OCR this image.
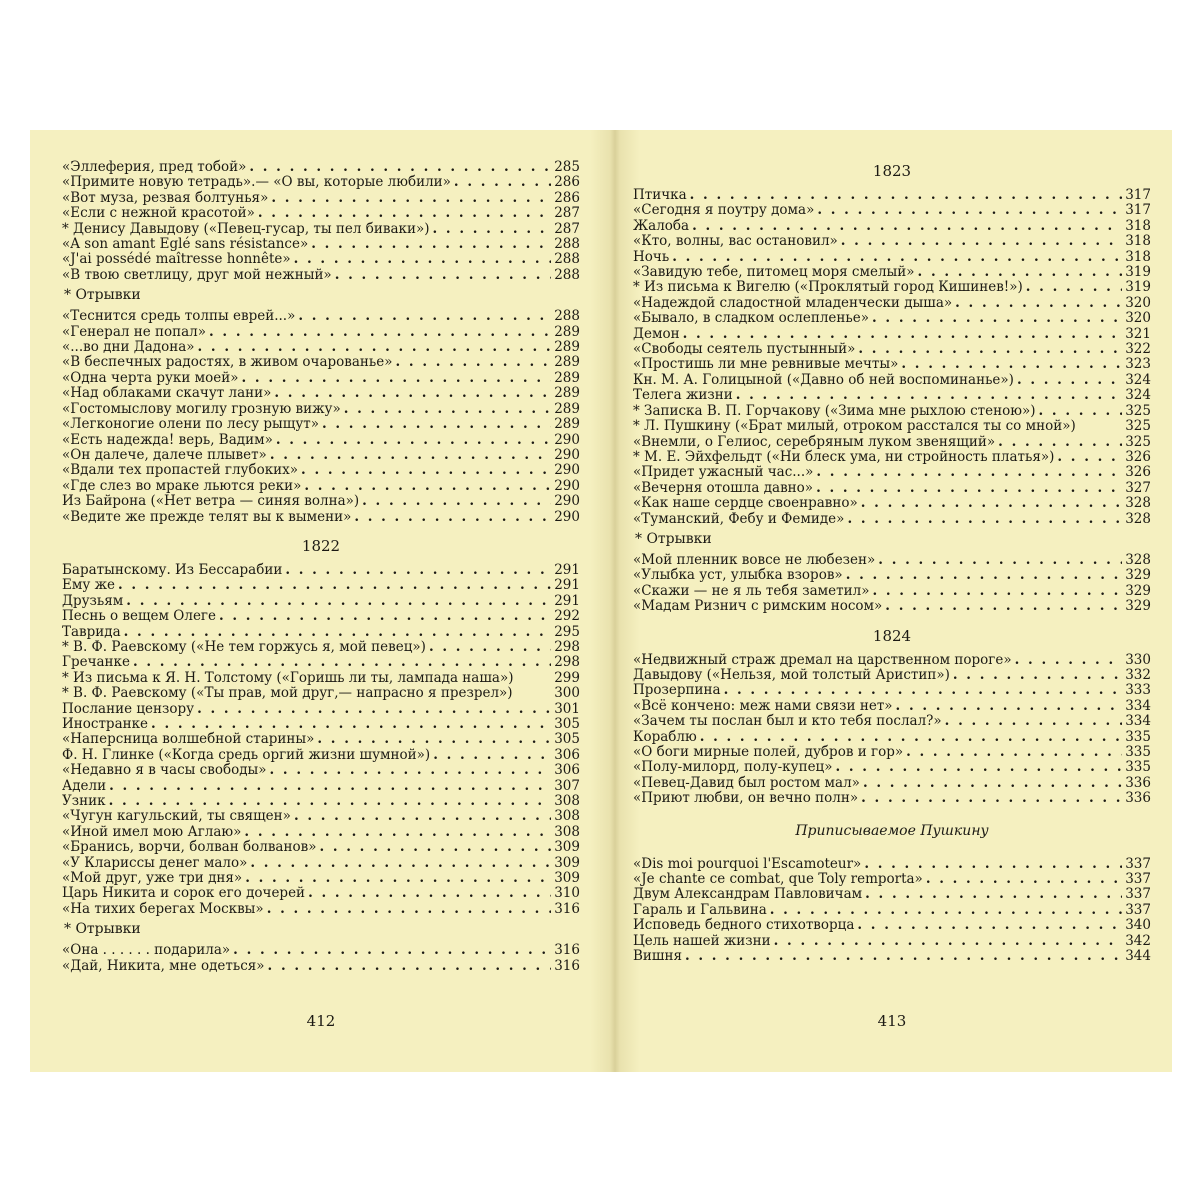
«Эллеферия, пред тобой» . . .	285
«Примите новую тетрадь».— «О вы, которые любили» . . .	286
«Вот муза, резвая болтунья» . . .	286
«Если с нежной красотой» . . .	287
* Денису Давыдову («Певец-гусар, ты пел биваки») . . .	287
«A son amant Eglé sans résistance» . . .	288
«J'ai possédé maîtresse honnête» . . .	288
«В твою светлицу, друг мой нежный» . . .	288
* Отрывки
«Теснится средь толпы еврей...» . . .	288
«Генерал не попал» . . .	289
«...во дни Дадона» . . .	289
«В беспечных радостях, в живом очарованье» . . .	289
«Одна черта руки моей» . . .	289
«Над облаками скачут лани» . . .	289
«Гостомыслову могилу грозную вижу» . . .	289
«Легконогие олени по лесу рыщут» . . .	289
«Есть надежда! верь, Вадим» . . .	290
«Он далече, далече плывет» . . .	290
«Вдали тех пропастей глубоких» . . .	290
«Где слез во мраке льются реки» . . .	290
Из Байрона («Нет ветра — синяя волна») . . .	290
«Ведите же прежде телят вы к вымени» . . .	290
1822
Баратынскому. Из Бессарабии . . .	291
Ему же . . .	291
Друзьям . . .	291
Песнь о вещем Олеге . . .	292
Таврида . . .	295
* В. Ф. Раевскому («Не тем горжусь я, мой певец») . . .	298
Гречанке . . .	298
* Из письма к Я. Н. Толстому («Горишь ли ты, лампада наша»)	299
* В. Ф. Раевскому («Ты прав, мой друг,— напрасно я презрел»)	300
Послание цензору . . .	301
Иностранке . . .	305
«Наперсница волшебной старины» . . .	305
Ф. Н. Глинке («Когда средь оргий жизни шумной») . . .	306
«Недавно я в часы свободы» . . .	306
Адели . . .	307
Узник . . .	308
«Чугун кагульский, ты священ» . . .	308
«Иной имел мою Аглаю» . . .	308
«Бранись, ворчи, болван болванов» . . .	309
«У Клариссы денег мало» . . .	309
«Мой друг, уже три дня» . . .	309
Царь Никита и сорок его дочерей . . .	310
«На тихих берегах Москвы» . . .	316
* Отрывки
«Она . . . . . . подарила» . . .	316
«Дай, Никита, мне одеться» . . .	316
412
1823
Птичка . . .	317
«Сегодня я поутру дома» . . .	317
Жалоба . . .	318
«Кто, волны, вас остановил» . . .	318
Ночь . . .	318
«Завидую тебе, питомец моря смелый» . . .	319
* Из письма к Вигелю («Проклятый город Кишинев!») . . .	319
«Надеждой сладостной младенчески дыша» . . .	320
«Бывало, в сладком ослепленье» . . .	320
Демон . . .	321
«Свободы сеятель пустынный» . . .	322
«Простишь ли мне ревнивые мечты» . . .	323
Кн. М. А. Голицыной («Давно об ней воспоминанье») . . .	324
Телега жизни . . .	324
* Записка В. П. Горчакову («Зима мне рыхлою стеною») . . .	325
* Л. Пушкину («Брат милый, отроком расстался ты со мной»)	325
«Внемли, о Гелиос, серебряным луком звенящий» . . .	325
* М. Е. Эйхфельдт («Ни блеск ума, ни стройность платья») . . .	326
«Придет ужасный час...» . . .	326
«Вечерня отошла давно» . . .	327
«Как наше сердце своенравно» . . .	328
«Туманский, Фебу и Фемиде» . . .	328
* Отрывки
«Мой пленник вовсе не любезен» . . .	328
«Улыбка уст, улыбка взоров» . . .	329
«Скажи — не я ль тебя заметил» . . .	329
«Мадам Ризнич с римским носом» . . .	329
1824
«Недвижный страж дремал на царственном пороге» . . .	330
Давыдову («Нельзя, мой толстый Аристип») . . .	332
Прозерпина . . .	333
«Всё кончено: меж нами связи нет» . . .	334
«Зачем ты послан был и кто тебя послал?» . . .	334
Кораблю . . .	335
«О боги мирные полей, дубров и гор» . . .	335
«Полу-милорд, полу-купец» . . .	335
«Певец-Давид был ростом мал» . . .	336
«Приют любви, он вечно полн» . . .	336
Приписываемое Пушкину
«Dis moi pourquoi l'Escamoteur» . . .	337
«Je chante ce combat, que Toly remporta» . . .	337
Двум Александрам Павловичам . . .	337
Гараль и Гальвина . . .	337
Исповедь бедного стихотворца . . .	340
Цель нашей жизни . . .	342
Вишня . . .	344
413
